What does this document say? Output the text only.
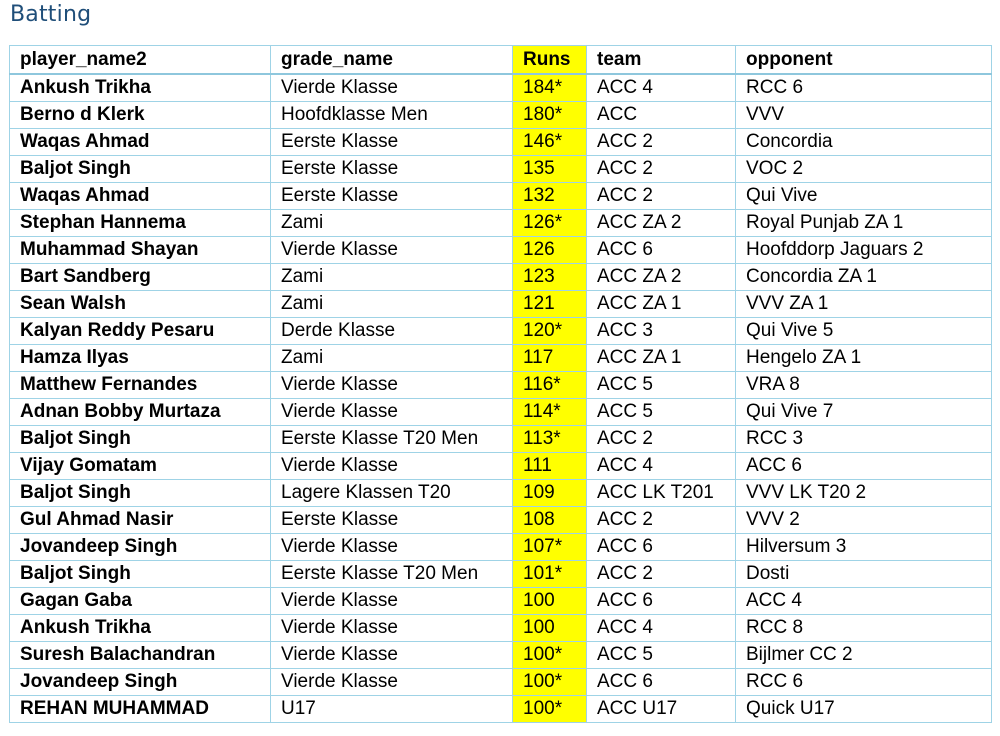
Batting
player_name2	grade_name	Runs	team	opponent
Ankush Trikha	Vierde Klasse	184*	ACC 4	RCC 6
Berno d Klerk	Hoofdklasse Men	180*	ACC	VVV
Waqas Ahmad	Eerste Klasse	146*	ACC 2	Concordia
Baljot Singh	Eerste Klasse	135	ACC 2	VOC 2
Waqas Ahmad	Eerste Klasse	132	ACC 2	Qui Vive
Stephan Hannema	Zami	126*	ACC ZA 2	Royal Punjab ZA 1
Muhammad Shayan	Vierde Klasse	126	ACC 6	Hoofddorp Jaguars 2
Bart Sandberg	Zami	123	ACC ZA 2	Concordia ZA 1
Sean Walsh	Zami	121	ACC ZA 1	VVV ZA 1
Kalyan Reddy Pesaru	Derde Klasse	120*	ACC 3	Qui Vive 5
Hamza Ilyas	Zami	117	ACC ZA 1	Hengelo ZA 1
Matthew Fernandes	Vierde Klasse	116*	ACC 5	VRA 8
Adnan Bobby Murtaza	Vierde Klasse	114*	ACC 5	Qui Vive 7
Baljot Singh	Eerste Klasse T20 Men	113*	ACC 2	RCC 3
Vijay Gomatam	Vierde Klasse	111	ACC 4	ACC 6
Baljot Singh	Lagere Klassen T20	109	ACC LK T201	VVV LK T20 2
Gul Ahmad Nasir	Eerste Klasse	108	ACC 2	VVV 2
Jovandeep Singh	Vierde Klasse	107*	ACC 6	Hilversum 3
Baljot Singh	Eerste Klasse T20 Men	101*	ACC 2	Dosti
Gagan Gaba	Vierde Klasse	100	ACC 6	ACC 4
Ankush Trikha	Vierde Klasse	100	ACC 4	RCC 8
Suresh Balachandran	Vierde Klasse	100*	ACC 5	Bijlmer CC 2
Jovandeep Singh	Vierde Klasse	100*	ACC 6	RCC 6
REHAN MUHAMMAD	U17	100*	ACC U17	Quick U17
